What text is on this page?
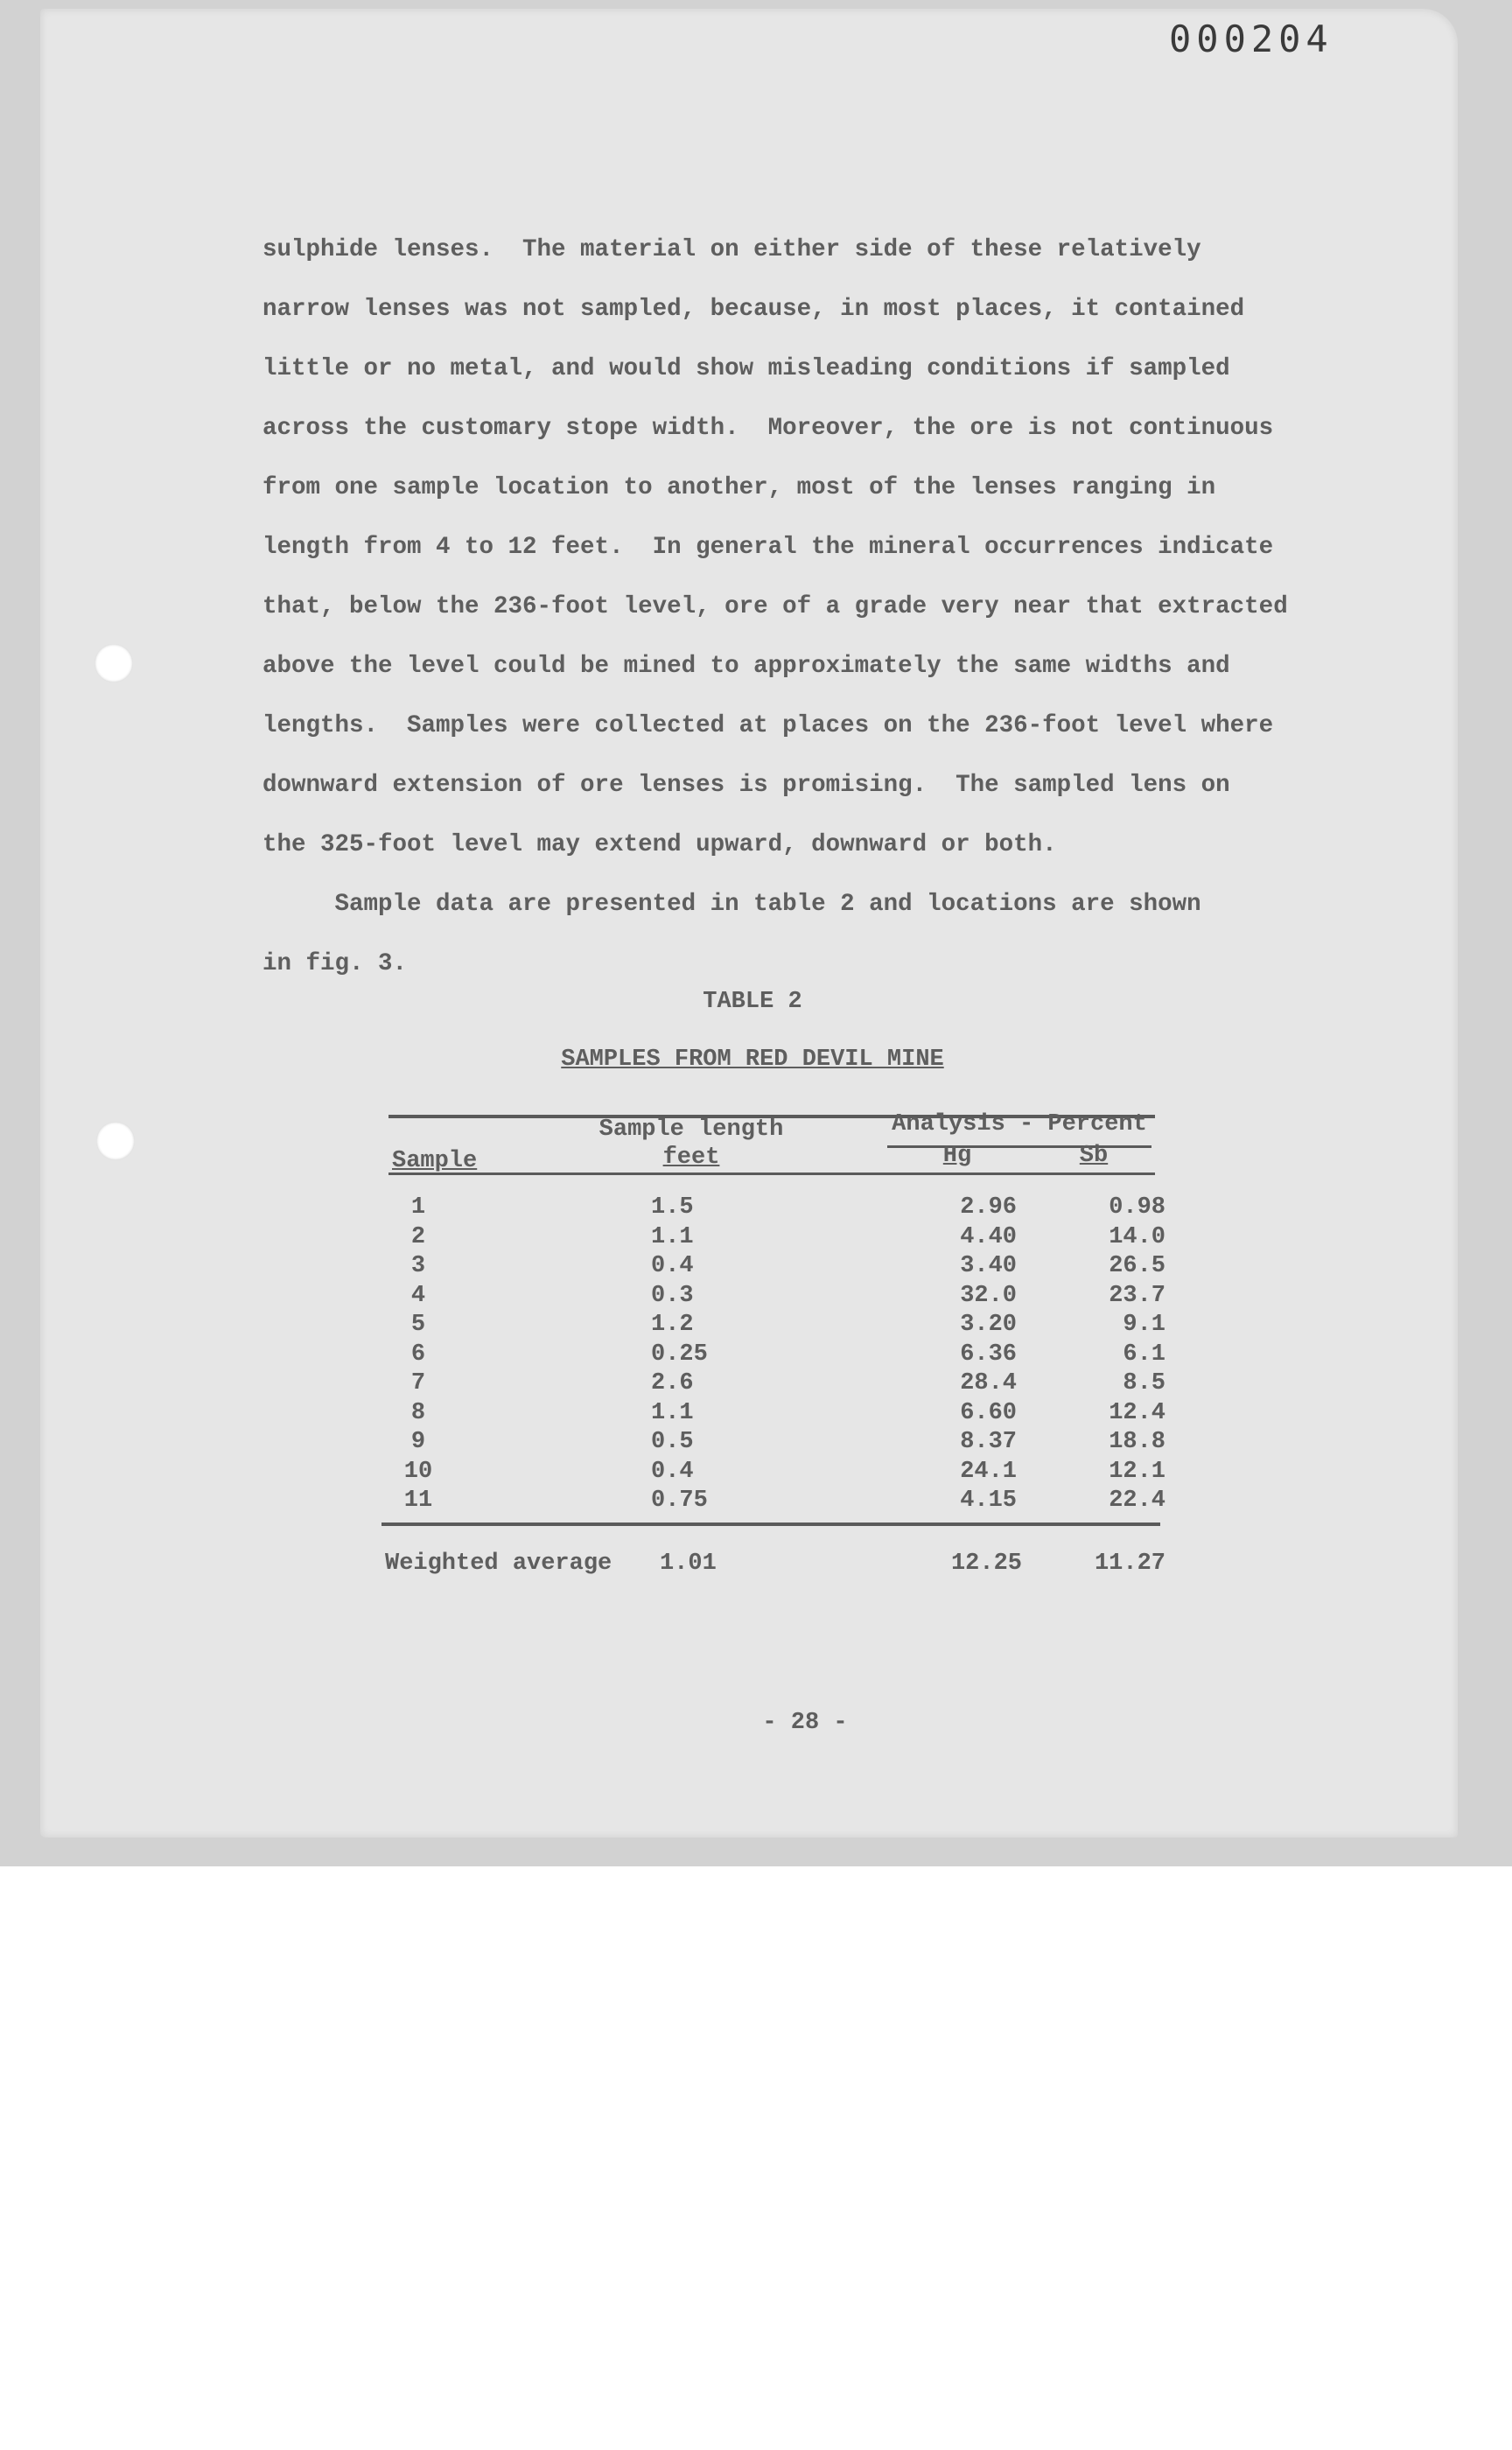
000204
sulphide lenses.  The material on either side of these relatively
narrow lenses was not sampled, because, in most places, it contained
little or no metal, and would show misleading conditions if sampled
across the customary stope width.  Moreover, the ore is not continuous
from one sample location to another, most of the lenses ranging in
length from 4 to 12 feet.  In general the mineral occurrences indicate
that, below the 236-foot level, ore of a grade very near that extracted
above the level could be mined to approximately the same widths and
lengths.  Samples were collected at places on the 236-foot level where
downward extension of ore lenses is promising.  The sampled lens on
the 325-foot level may extend upward, downward or both.
Sample data are presented in table 2 and locations are shown
in fig. 3.
TABLE 2
SAMPLES FROM RED DEVIL MINE
Sample
Sample length
feet
Analysis - Percent
Hg	Sb
1	1.5	2.96	0.98
2	1.1	4.40	14.0
3	0.4	3.40	26.5
4	0.3	32.0	23.7
5	1.2	3.20	9.1
6	0.25	6.36	6.1
7	2.6	28.4	8.5
8	1.1	6.60	12.4
9	0.5	8.37	18.8
10	0.4	24.1	12.1
11	0.75	4.15	22.4
Weighted average 1.01	12.25	11.27
- 28 -
